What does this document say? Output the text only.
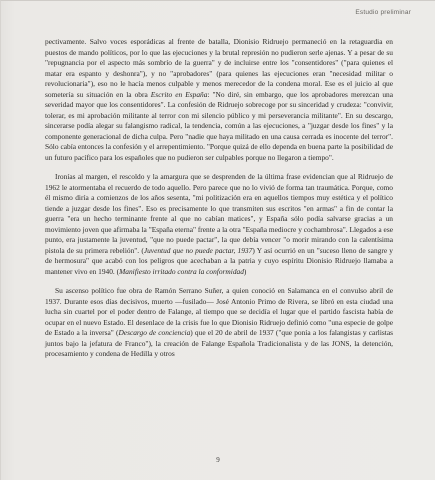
Estudio preliminar

pectivamente. Salvo voces esporádicas al frente de batalla, Dionisio Ridruejo permaneció en la retaguardia en puestos de mando políticos, por lo que las ejecuciones y la brutal represión no pudieron serle ajenas. Y a pesar de su "repugnancia por el aspecto más sombrío de la guerra" y de incluirse entre los "consentidores" ("para quienes el matar era espanto y deshonra"), y no "aprobadores" (para quienes las ejecuciones eran "necesidad militar o revolucionaria"), eso no le hacía menos culpable y menos merecedor de la condena moral. Ese es el juicio al que sometería su situación en la obra Escrito en España: "No diré, sin embargo, que los aprobadores merezcan una severidad mayor que los consentidores". La confesión de Ridruejo sobrecoge por su sinceridad y crudeza: "convivir, tolerar, es mi aprobación militante al terror con mi silencio público y mi perseverancia militante". En su descargo, sincerarse podía alegar su falangismo radical, la tendencia, común a las ejecuciones, a "juzgar desde los fines" y la componente generacional de dicha culpa. Pero "nadie que haya militado en una causa cerrada es inocente del terror". Sólo cabía entonces la confesión y el arrepentimiento. "Porque quizá de ello dependa en buena parte la posibilidad de un futuro pacífico para los españoles que no pudieron ser culpables porque no llegaron a tiempo".

Ironías al margen, el rescoldo y la amargura que se desprenden de la última frase evidencian que al Ridruejo de 1962 le atormentaba el recuerdo de todo aquello. Pero parece que no lo vivió de forma tan traumática. Porque, como él mismo diría a comienzos de los años sesenta, "mi politización era en aquellos tiempos muy estética y el político tiende a juzgar desde los fines". Eso es precisamente lo que transmiten sus escritos "en armas" a fin de contar la guerra "era un hecho terminante frente al que no cabían matices", y España sólo podía salvarse gracias a un movimiento joven que afirmaba la "España eterna" frente a la otra "España mediocre y cochambrosa". Llegados a ese punto, era justamente la juventud, "que no puede pactar", la que debía vencer "o morir mirando con la calentísima pistola de su primera rebelión". (Juventud que no puede pactar, 1937) Y así ocurrió en un "suceso lleno de sangre y de hermosura" que acabó con los peligros que acechaban a la patria y cuyo espíritu Dionisio Ridruejo llamaba a mantener vivo en 1940. (Manifiesto irritado contra la conformidad)

Su ascenso político fue obra de Ramón Serrano Suñer, a quien conoció en Salamanca en el convulso abril de 1937. Durante esos días decisivos, muerto —fusilado— José Antonio Primo de Rivera, se libró en esta ciudad una lucha sin cuartel por el poder dentro de Falange, al tiempo que se decidía el lugar que el partido fascista había de ocupar en el nuevo Estado. El desenlace de la crisis fue lo que Dionisio Ridruejo definió como "una especie de golpe de Estado a la inversa" (Descargo de conciencia) que el 20 de abril de 1937 ("que ponía a los falangistas y carlistas juntos bajo la jefatura de Franco"), la creación de Falange Española Tradicionalista y de las JONS, la detención, procesamiento y condena de Hedilla y otros

9
